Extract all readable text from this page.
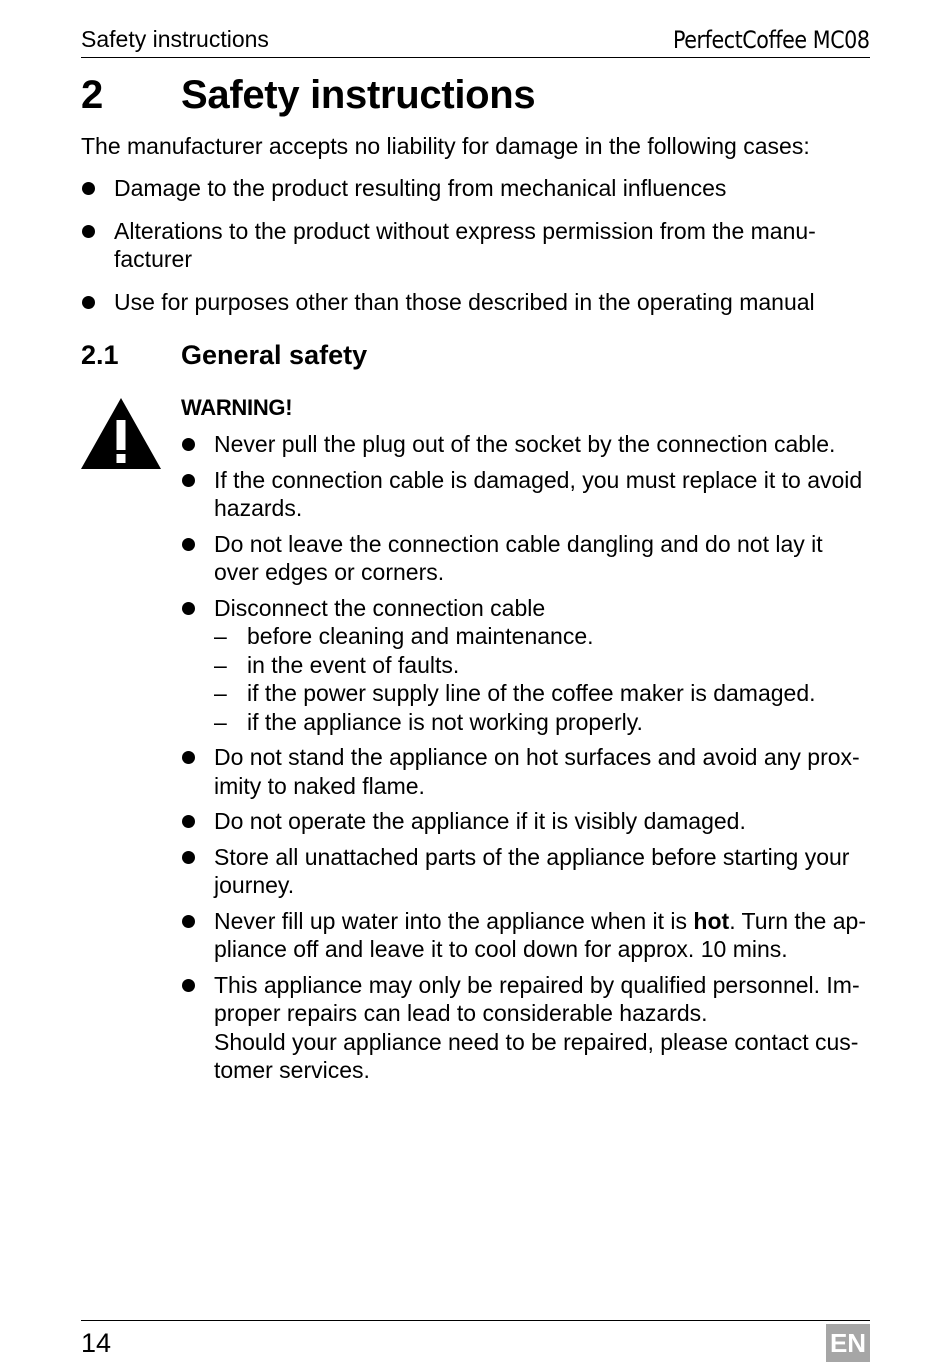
Safety instructions	PerfectCoffee MC08
2 Safety instructions
The manufacturer accepts no liability for damage in the following cases:
Damage to the product resulting from mechanical influences
Alterations to the product without express permission from the manu-facturer
Use for purposes other than those described in the operating manual
2.1 General safety
WARNING!
Never pull the plug out of the socket by the connection cable.
If the connection cable is damaged, you must replace it to avoid hazards.
Do not leave the connection cable dangling and do not lay it over edges or corners.
Disconnect the connection cable
– before cleaning and maintenance.
– in the event of faults.
– if the power supply line of the coffee maker is damaged.
– if the appliance is not working properly.
Do not stand the appliance on hot surfaces and avoid any prox-imity to naked flame.
Do not operate the appliance if it is visibly damaged.
Store all unattached parts of the appliance before starting your journey.
Never fill up water into the appliance when it is hot. Turn the ap-pliance off and leave it to cool down for approx. 10 mins.
This appliance may only be repaired by qualified personnel. Im-proper repairs can lead to considerable hazards.
Should your appliance need to be repaired, please contact cus-tomer services.
14	EN
